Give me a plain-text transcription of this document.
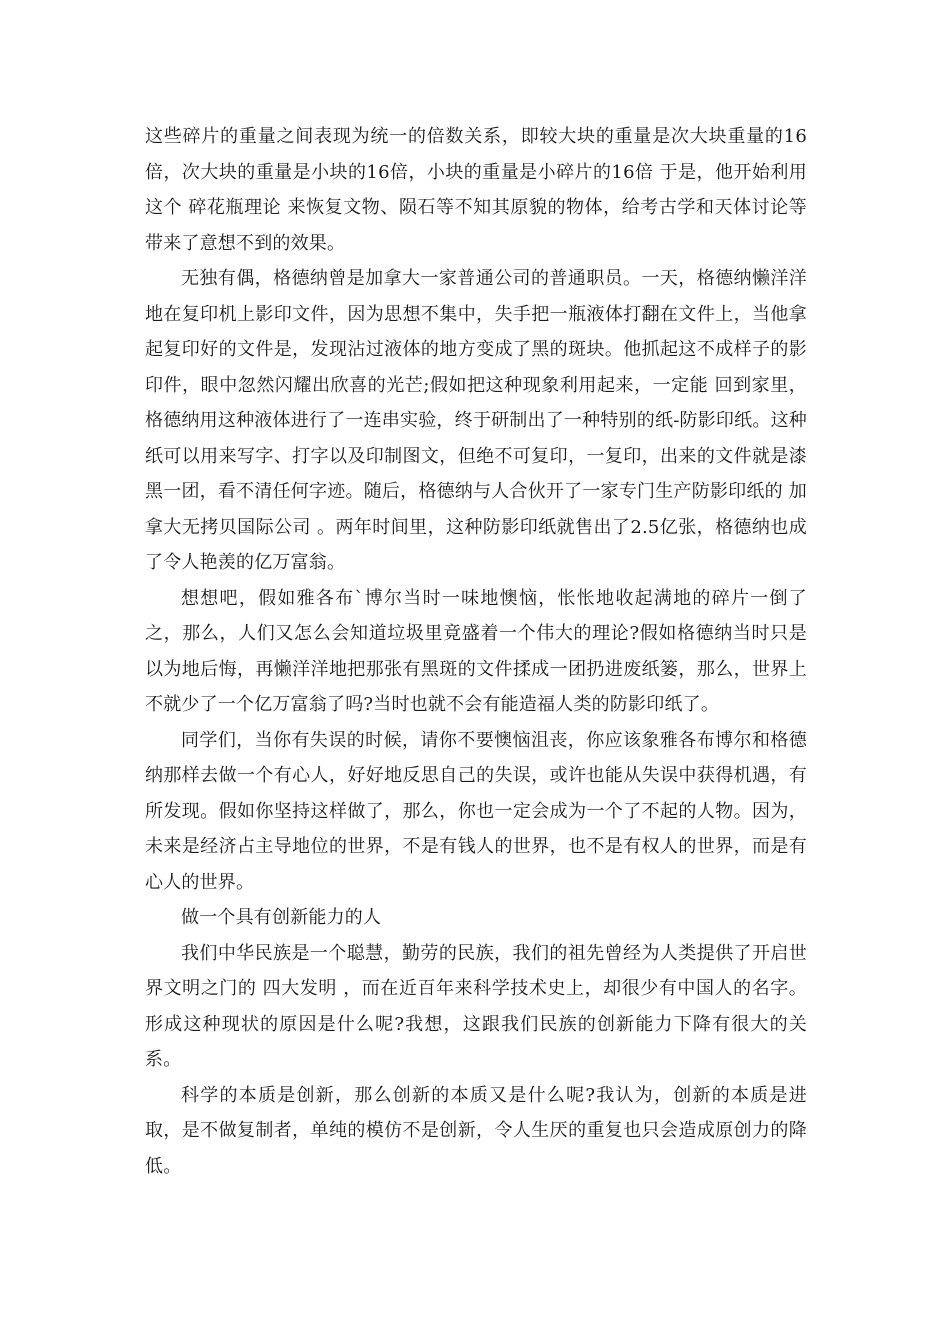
这些碎片的重量之间表现为统一的倍数关系，即较大块的重量是次大块重量的16倍，次大块的重量是小块的16倍，小块的重量是小碎片的16倍 于是，他开始利用这个 碎花瓶理论 来恢复文物、陨石等不知其原貌的物体，给考古学和天体讨论等带来了意想不到的效果。

无独有偶，格德纳曾是加拿大一家普通公司的普通职员。一天，格德纳懒洋洋地在复印机上影印文件，因为思想不集中，失手把一瓶液体打翻在文件上，当他拿起复印好的文件是，发现沾过液体的地方变成了黑的斑块。他抓起这不成样子的影印件，眼中忽然闪耀出欣喜的光芒;假如把这种现象利用起来，一定能 回到家里，格德纳用这种液体进行了一连串实验，终于研制出了一种特别的纸-防影印纸。这种纸可以用来写字、打字以及印制图文，但绝不可复印，一复印，出来的文件就是漆黑一团，看不清任何字迹。随后，格德纳与人合伙开了一家专门生产防影印纸的 加拿大无拷贝国际公司 。两年时间里，这种防影印纸就售出了2.5亿张，格德纳也成了令人艳羡的亿万富翁。

想想吧，假如雅各布`博尔当时一味地懊恼，怅怅地收起满地的碎片一倒了之，那么，人们又怎么会知道垃圾里竟盛着一个伟大的理论?假如格德纳当时只是以为地后悔，再懒洋洋地把那张有黑斑的文件揉成一团扔进废纸篓，那么，世界上不就少了一个亿万富翁了吗?当时也就不会有能造福人类的防影印纸了。

同学们，当你有失误的时候，请你不要懊恼沮丧，你应该象雅各布博尔和格德纳那样去做一个有心人，好好地反思自己的失误，或许也能从失误中获得机遇，有所发现。假如你坚持这样做了，那么，你也一定会成为一个了不起的人物。因为，未来是经济占主导地位的世界，不是有钱人的世界，也不是有权人的世界，而是有心人的世界。

做一个具有创新能力的人

我们中华民族是一个聪慧，勤劳的民族，我们的祖先曾经为人类提供了开启世界文明之门的 四大发明 ，而在近百年来科学技术史上，却很少有中国人的名字。形成这种现状的原因是什么呢?我想，这跟我们民族的创新能力下降有很大的关系。

科学的本质是创新，那么创新的本质又是什么呢?我认为，创新的本质是进取，是不做复制者，单纯的模仿不是创新，令人生厌的重复也只会造成原创力的降低。
